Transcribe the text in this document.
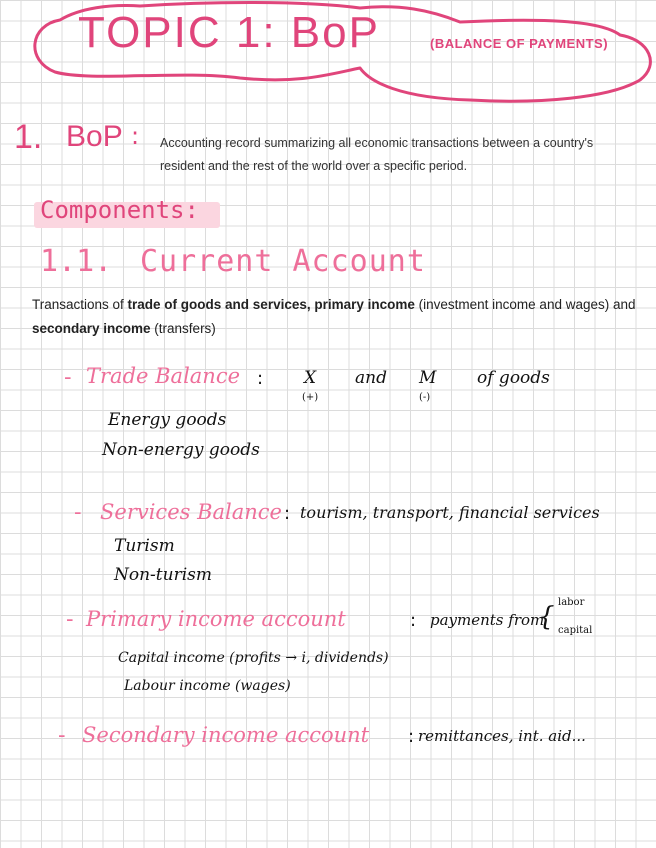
TOPIC 1: BoP	(BALANCE OF PAYMENTS)
1. BoP : Accounting record summarizing all economic transactions between a country's resident and the rest of the world over a specific period.
Components:
1.1. Current Account
Transactions of trade of goods and services, primary income (investment income and wages) and secondary income (transfers)
- Trade Balance : X
(+)
and M
(-)
of goods
Energy goods
Non-energy goods
- Services Balance : tourism, transport, financial services
Turism
Non-turism
- Primary income account	: payments from
{ labor
capital
Capital income (profits → i, dividends)
Labour income (wages)
- Secondary income account : remittances, int. aid...
